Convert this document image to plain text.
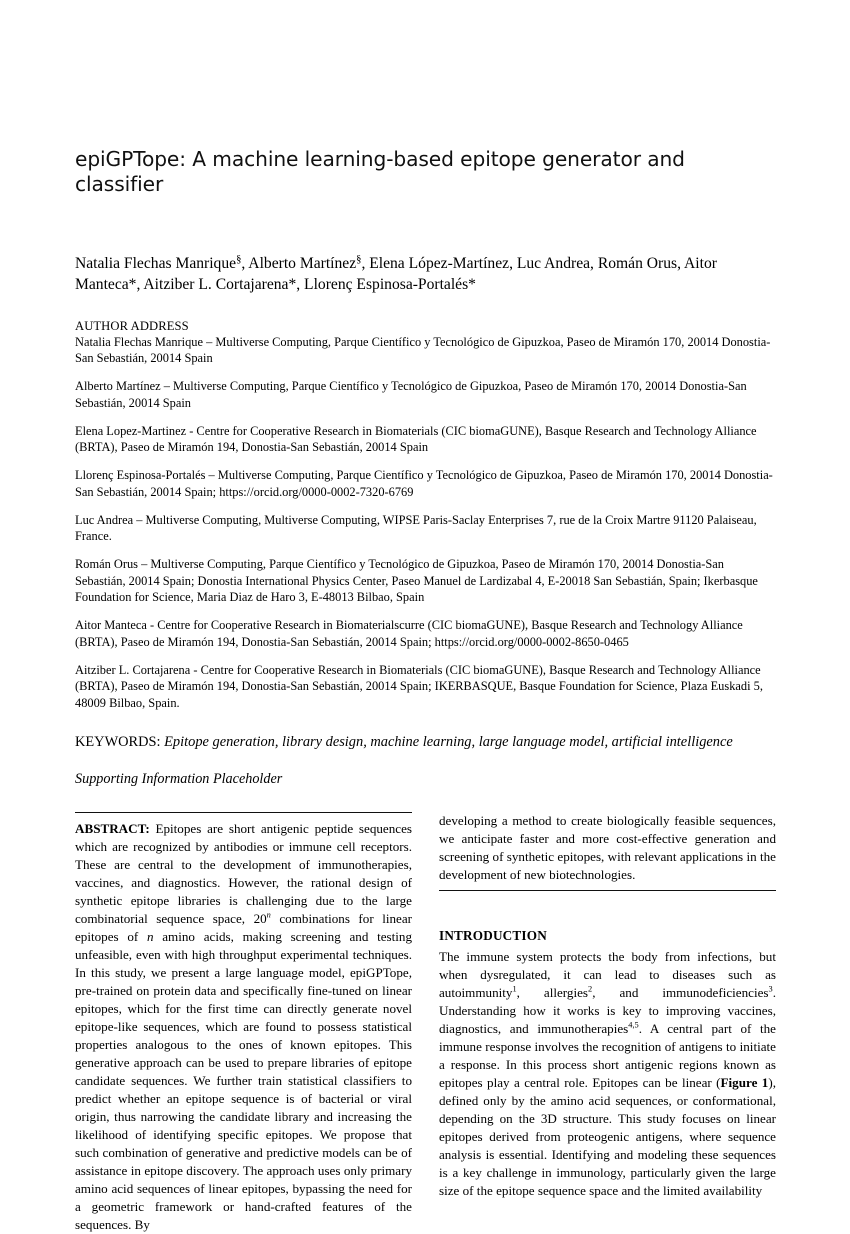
epiGPTope: A machine learning-based epitope generator and classifier

Natalia Flechas Manrique§, Alberto Martínez§, Elena López-Martínez, Luc Andrea, Román Orus, Aitor
Manteca*, Aitziber L. Cortajarena*, Llorenç Espinosa-Portalés*

AUTHOR ADDRESS

Natalia Flechas Manrique – Multiverse Computing, Parque Científico y Tecnológico de Gipuzkoa, Paseo de Miramón 170, 20014 Donostia-San Sebastián, 20014 Spain

Alberto Martínez – Multiverse Computing, Parque Científico y Tecnológico de Gipuzkoa, Paseo de Miramón 170, 20014 Donostia-San Sebastián, 20014 Spain

Elena Lopez-Martinez - Centre for Cooperative Research in Biomaterials (CIC biomaGUNE), Basque Research and Technology Alliance (BRTA), Paseo de Miramón 194, Donostia-San Sebastián, 20014 Spain

Llorenç Espinosa-Portalés – Multiverse Computing, Parque Científico y Tecnológico de Gipuzkoa, Paseo de Miramón 170, 20014 Donostia-San Sebastián, 20014 Spain; https://orcid.org/0000-0002-7320-6769

Luc Andrea – Multiverse Computing, Multiverse Computing, WIPSE Paris-Saclay Enterprises 7, rue de la Croix Martre 91120 Palaiseau, France.

Román Orus – Multiverse Computing, Parque Científico y Tecnológico de Gipuzkoa, Paseo de Miramón 170, 20014 Donostia-San Sebastián, 20014 Spain; Donostia International Physics Center, Paseo Manuel de Lardizabal 4, E-20018 San Sebastián, Spain; Ikerbasque Foundation for Science, Maria Diaz de Haro 3, E-48013 Bilbao, Spain

Aitor Manteca - Centre for Cooperative Research in Biomaterialscurre (CIC biomaGUNE), Basque Research and Technology Alliance (BRTA), Paseo de Miramón 194, Donostia-San Sebastián, 20014 Spain; https://orcid.org/0000-0002-8650-0465

Aitziber L. Cortajarena - Centre for Cooperative Research in Biomaterials (CIC biomaGUNE), Basque Research and Technology Alliance (BRTA), Paseo de Miramón 194, Donostia-San Sebastián, 20014 Spain; IKERBASQUE, Basque Foundation for Science, Plaza Euskadi 5, 48009 Bilbao, Spain.

KEYWORDS: Epitope generation, library design, machine learning, large language model, artificial intelligence

Supporting Information Placeholder

ABSTRACT: Epitopes are short antigenic peptide sequences which are recognized by antibodies or immune cell receptors. These are central to the development of immunotherapies, vaccines, and diagnostics. However, the rational design of synthetic epitope libraries is challenging due to the large combinatorial sequence space, 20$^n$ combinations for linear epitopes of n amino acids, making screening and testing unfeasible, even with high throughput experimental techniques. In this study, we present a large language model, epiGPTope, pre-trained on protein data and specifically fine-tuned on linear epitopes, which for the first time can directly generate novel epitope-like sequences, which are found to possess statistical properties analogous to the ones of known epitopes. This generative approach can be used to prepare libraries of epitope candidate sequences. We further train statistical classifiers to predict whether an epitope sequence is of bacterial or viral origin, thus narrowing the candidate library and increasing the likelihood of identifying specific epitopes. We propose that such combination of generative and predictive models can be of assistance in epitope discovery. The approach uses only primary amino acid sequences of linear epitopes, bypassing the need for a geometric framework or hand-crafted features of the sequences. By

developing a method to create biologically feasible sequences, we anticipate faster and more cost-effective generation and screening of synthetic epitopes, with relevant applications in the development of new biotechnologies.

INTRODUCTION

The immune system protects the body from infections, but when dysregulated, it can lead to diseases such as autoimmunity$^1$, allergies$^2$, and immunodeficiencies$^3$. Understanding how it works is key to improving vaccines, diagnostics, and immunotherapies$^{4,5}$. A central part of the immune response involves the recognition of antigens to initiate a response. In this process short antigenic regions known as epitopes play a central role. Epitopes can be linear (Figure 1), defined only by the amino acid sequences, or conformational, depending on the 3D structure. This study focuses on linear epitopes derived from proteogenic antigens, where sequence analysis is essential. Identifying and modeling these sequences is a key challenge in immunology, particularly given the large size of the epitope sequence space and the limited availability
